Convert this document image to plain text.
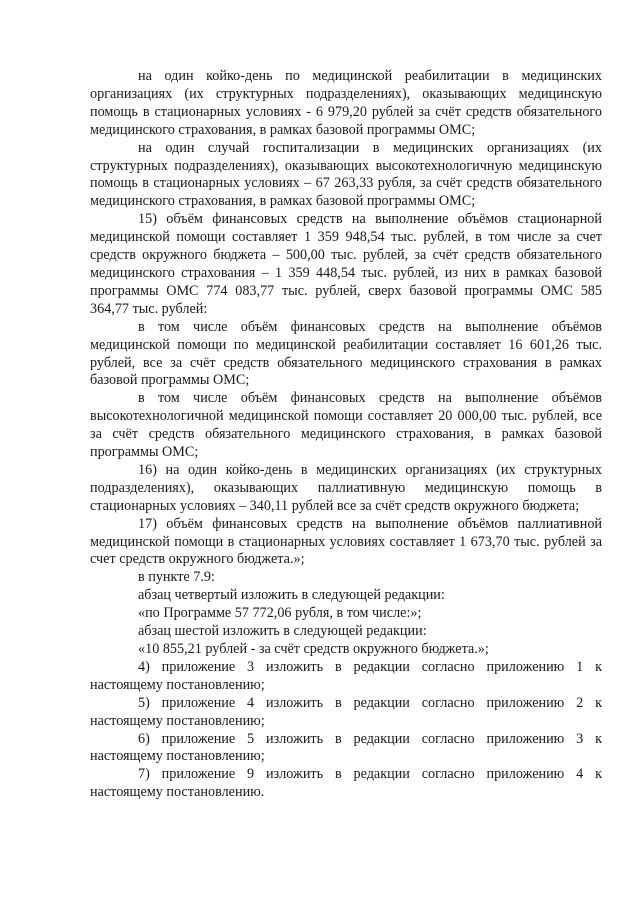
на один койко-день по медицинской реабилитации в медицинских организациях (их структурных подразделениях), оказывающих медицинскую помощь в стационарных условиях - 6 979,20 рублей за счёт средств обязательного медицинского страхования, в рамках базовой программы ОМС;

на один случай госпитализации в медицинских организациях (их структурных подразделениях), оказывающих высокотехнологичную медицинскую помощь в стационарных условиях – 67 263,33 рубля, за счёт средств обязательного медицинского страхования, в рамках базовой программы ОМС;

15) объём финансовых средств на выполнение объёмов стационарной медицинской помощи составляет 1 359 948,54 тыс. рублей, в том числе за счет средств окружного бюджета – 500,00 тыс. рублей, за счёт средств обязательного медицинского страхования – 1 359 448,54 тыс. рублей, из них в рамках базовой программы ОМС 774 083,77 тыс. рублей, сверх базовой программы ОМС 585 364,77 тыс. рублей:

в том числе объём финансовых средств на выполнение объёмов медицинской помощи по медицинской реабилитации составляет 16 601,26 тыс. рублей, все за счёт средств обязательного медицинского страхования в рамках базовой программы ОМС;

в том числе объём финансовых средств на выполнение объёмов высокотехнологичной медицинской помощи составляет 20 000,00 тыс. рублей, все за счёт средств обязательного медицинского страхования, в рамках базовой программы ОМС;

16) на один койко-день в медицинских организациях (их структурных подразделениях), оказывающих паллиативную медицинскую помощь в стационарных условиях – 340,11 рублей все за счёт средств окружного бюджета;

17) объём финансовых средств на выполнение объёмов паллиативной медицинской помощи в стационарных условиях составляет 1 673,70 тыс. рублей за счет средств окружного бюджета.»;

в пункте 7.9:

абзац четвертый изложить в следующей редакции:

«по Программе 57 772,06 рубля, в том числе:»;

абзац шестой изложить в следующей редакции:

«10 855,21 рублей - за счёт средств окружного бюджета.»;

4) приложение 3 изложить в редакции согласно приложению 1 к настоящему постановлению;

5) приложение 4 изложить в редакции согласно приложению 2 к настоящему постановлению;

6) приложение 5 изложить в редакции согласно приложению 3 к настоящему постановлению;

7) приложение 9 изложить в редакции согласно приложению 4 к настоящему постановлению.
